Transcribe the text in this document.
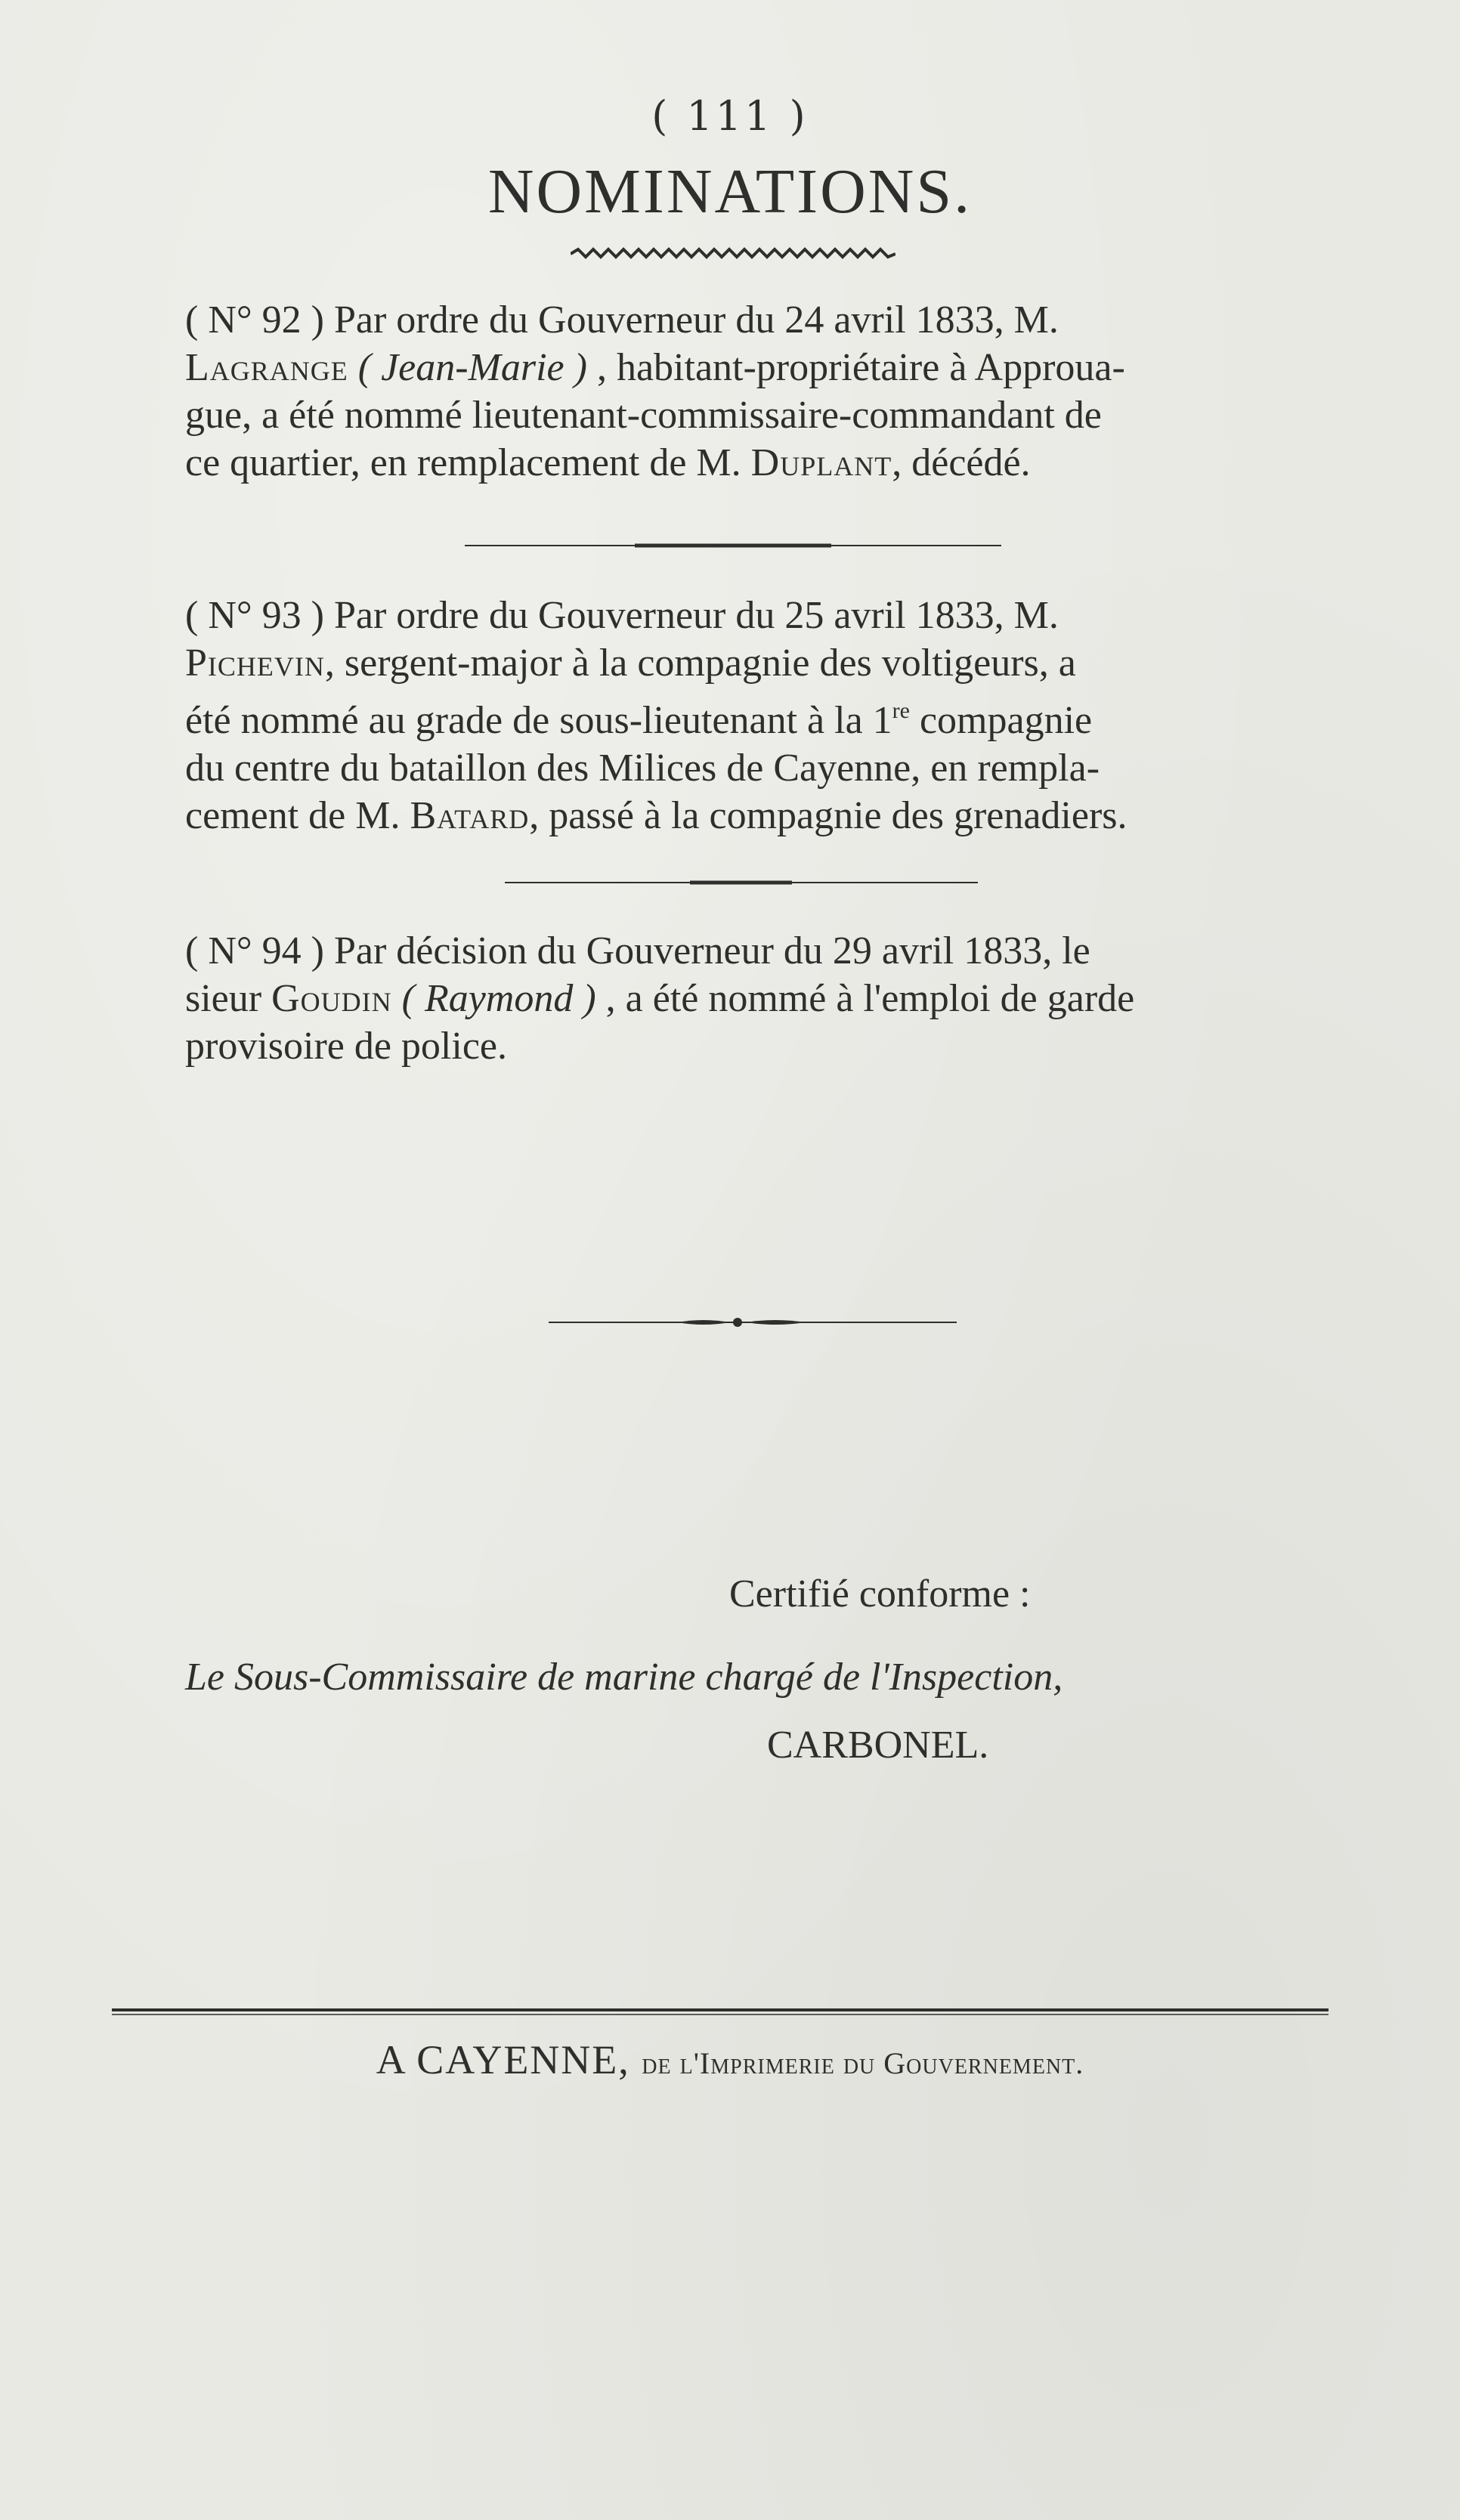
( 111 )
NOMINATIONS.
( N° 92 ) Par ordre du Gouverneur du 24 avril 1833, M.
Lagrange ( Jean-Marie ) , habitant-propriétaire à Approua-
gue, a été nommé lieutenant-commissaire-commandant de
ce quartier, en remplacement de M. Duplant, décédé.
( N° 93 ) Par ordre du Gouverneur du 25 avril 1833, M.
Pichevin, sergent-major à la compagnie des voltigeurs, a
été nommé au grade de sous-lieutenant à la 1re compagnie
du centre du bataillon des Milices de Cayenne, en rempla-
cement de M. Batard, passé à la compagnie des grenadiers.
( N° 94 ) Par décision du Gouverneur du 29 avril 1833, le
sieur Goudin ( Raymond ) , a été nommé à l'emploi de garde
provisoire de police.
Certifié conforme :
Le Sous-Commissaire de marine chargé de l'Inspection,
CARBONEL.
A CAYENNE, de l'Imprimerie du Gouvernement.
